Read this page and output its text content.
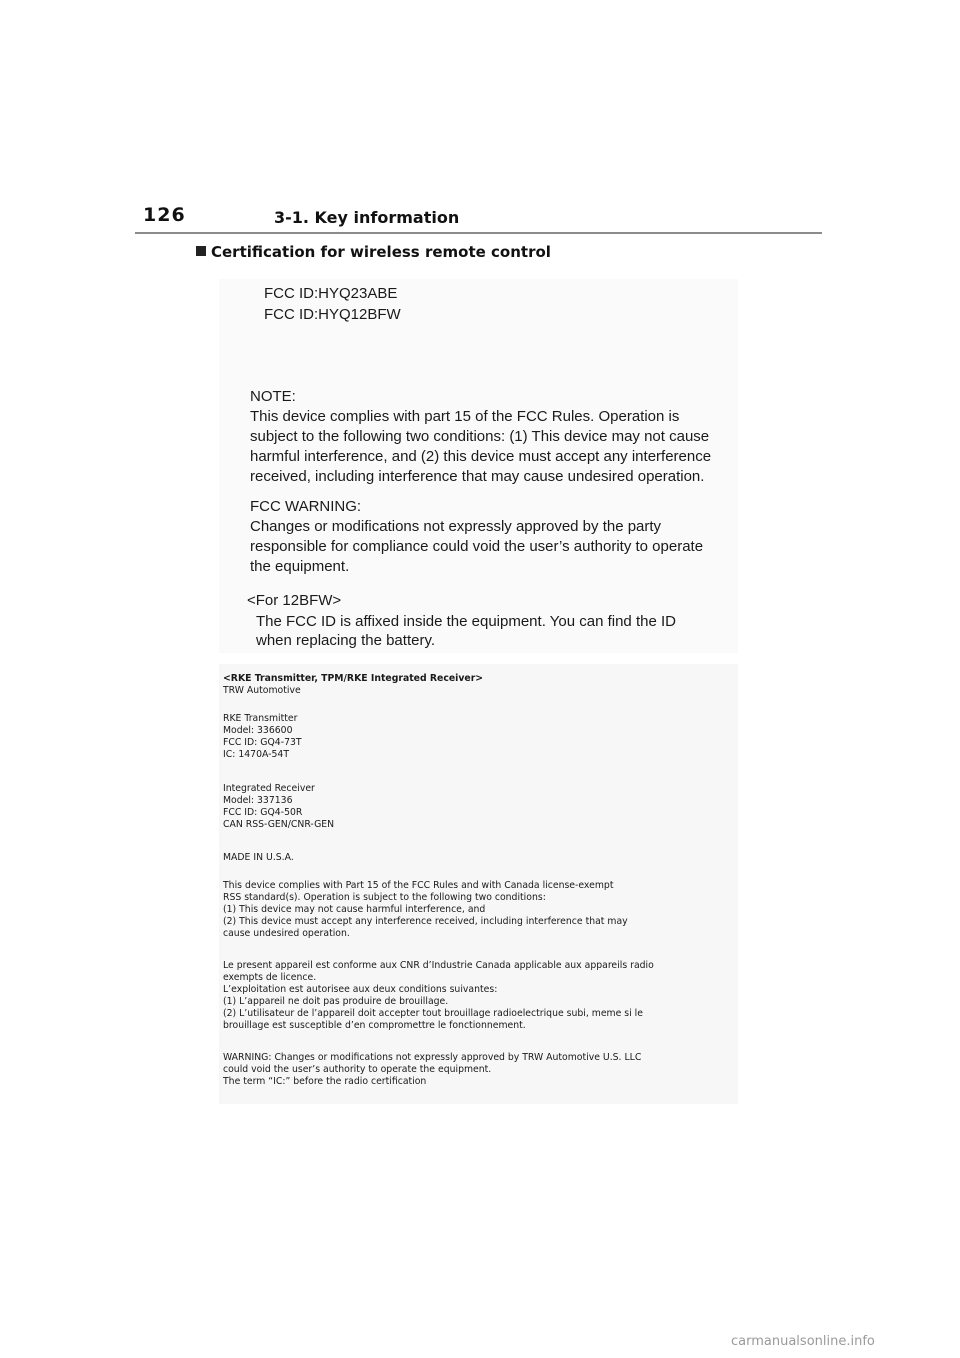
126	3-1. Key information
Certification for wireless remote control
FCC ID:HYQ23ABE
FCC ID:HYQ12BFW
NOTE:
This device complies with part 15 of the FCC Rules. Operation is
subject to the following two conditions: (1) This device may not cause
harmful interference, and (2) this device must accept any interference
received, including interference that may cause undesired operation.
FCC WARNING:
Changes or modifications not expressly approved by the party
responsible for compliance could void the user’s authority to operate
the equipment.
<For 12BFW>
The FCC ID is affixed inside the equipment. You can find the ID
when replacing the battery.
<RKE Transmitter, TPM/RKE Integrated Receiver>
TRW Automotive
RKE Transmitter
Model: 336600
FCC ID: GQ4-73T
IC: 1470A-54T
Integrated Receiver
Model: 337136
FCC ID: GQ4-50R
CAN RSS-GEN/CNR-GEN
MADE IN U.S.A.
This device complies with Part 15 of the FCC Rules and with Canada license-exempt
RSS standard(s). Operation is subject to the following two conditions:
(1) This device may not cause harmful interference, and
(2) This device must accept any interference received, including interference that may
cause undesired operation.
Le present appareil est conforme aux CNR d’Industrie Canada applicable aux appareils radio
exempts de licence.
L’exploitation est autorisee aux deux conditions suivantes:
(1) L’appareil ne doit pas produire de brouillage.
(2) L’utilisateur de l’appareil doit accepter tout brouillage radioelectrique subi, meme si le
brouillage est susceptible d’en compromettre le fonctionnement.
WARNING: Changes or modifications not expressly approved by TRW Automotive U.S. LLC
could void the user’s authority to operate the equipment.
The term “IC:” before the radio certification
carmanualsonline.info
